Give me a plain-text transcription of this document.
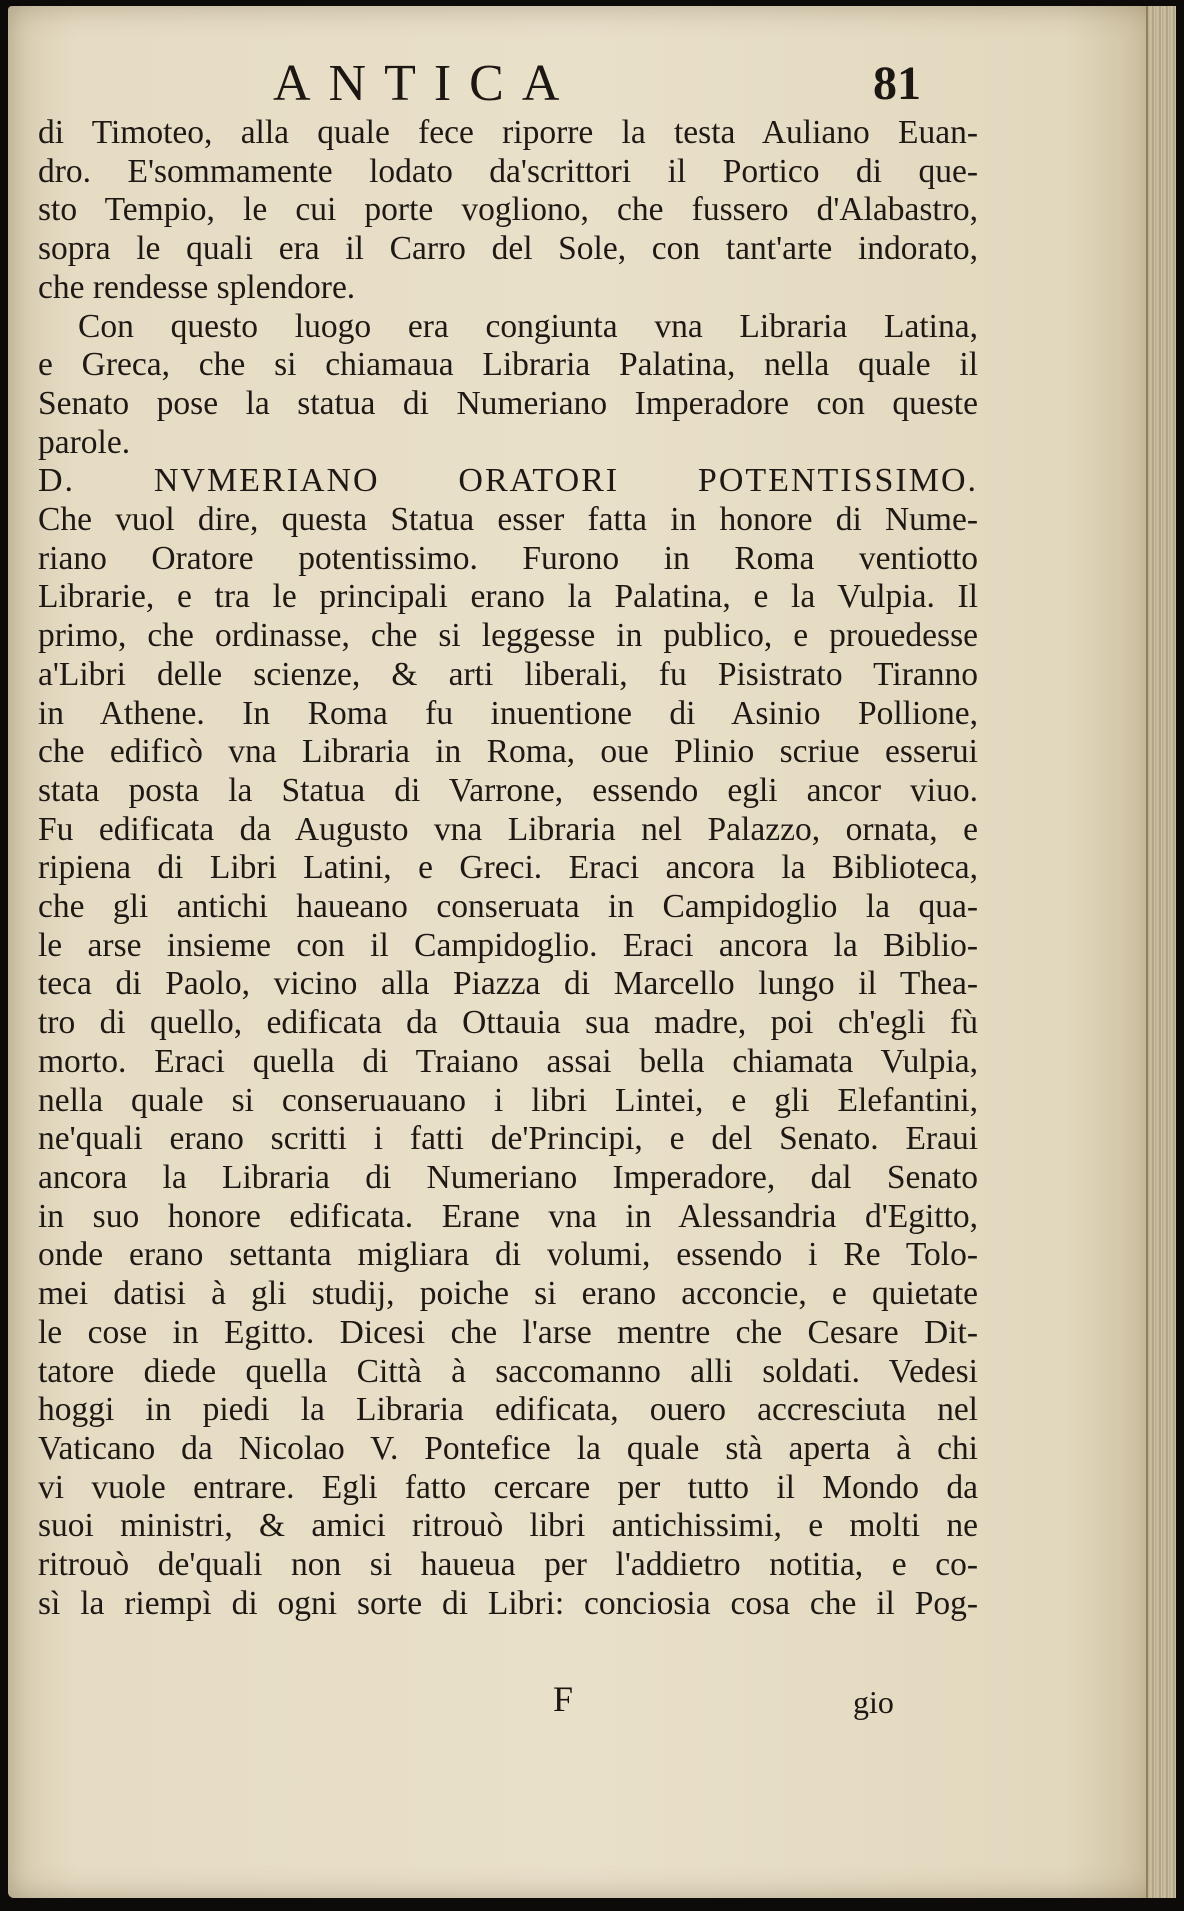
ANTICA	81
di Timoteo, alla quale fece riporre la testa Auliano Euan-
dro. E'sommamente lodato da'scrittori il Portico di que-
sto Tempio, le cui porte vogliono, che fussero d'Alabastro,
sopra le quali era il Carro del Sole, con tant'arte indorato,
che rendesse splendore.
Con questo luogo era congiunta vna Libraria Latina,
e Greca, che si chiamaua Libraria Palatina, nella quale il
Senato pose la statua di Numeriano Imperadore con queste
parole.
D. NVMERIANO ORATORI POTENTISSIMO.
Che vuol dire, questa Statua esser fatta in honore di Nume-
riano Oratore potentissimo. Furono in Roma ventiotto
Librarie, e tra le principali erano la Palatina, e la Vulpia. Il
primo, che ordinasse, che si leggesse in publico, e prouedesse
a'Libri delle scienze, & arti liberali, fu Pisistrato Tiranno
in Athene. In Roma fu inuentione di Asinio Pollione,
che edificò vna Libraria in Roma, oue Plinio scriue esserui
stata posta la Statua di Varrone, essendo egli ancor viuo.
Fu edificata da Augusto vna Libraria nel Palazzo, ornata, e
ripiena di Libri Latini, e Greci. Eraci ancora la Biblioteca,
che gli antichi haueano conseruata in Campidoglio la qua-
le arse insieme con il Campidoglio. Eraci ancora la Biblio-
teca di Paolo, vicino alla Piazza di Marcello lungo il Thea-
tro di quello, edificata da Ottauia sua madre, poi ch'egli fù
morto. Eraci quella di Traiano assai bella chiamata Vulpia,
nella quale si conseruauano i libri Lintei, e gli Elefantini,
ne'quali erano scritti i fatti de'Principi, e del Senato. Eraui
ancora la Libraria di Numeriano Imperadore, dal Senato
in suo honore edificata. Erane vna in Alessandria d'Egitto,
onde erano settanta migliara di volumi, essendo i Re Tolo-
mei datisi à gli studij, poiche si erano acconcie, e quietate
le cose in Egitto. Dicesi che l'arse mentre che Cesare Dit-
tatore diede quella Città à saccomanno alli soldati. Vedesi
hoggi in piedi la Libraria edificata, ouero accresciuta nel
Vaticano da Nicolao V. Pontefice la quale stà aperta à chi
vi vuole entrare. Egli fatto cercare per tutto il Mondo da
suoi ministri, & amici ritrouò libri antichissimi, e molti ne
ritrouò de'quali non si haueua per l'addietro notitia, e co-
sì la riempì di ogni sorte di Libri: conciosia cosa che il Pog-
F	gio
